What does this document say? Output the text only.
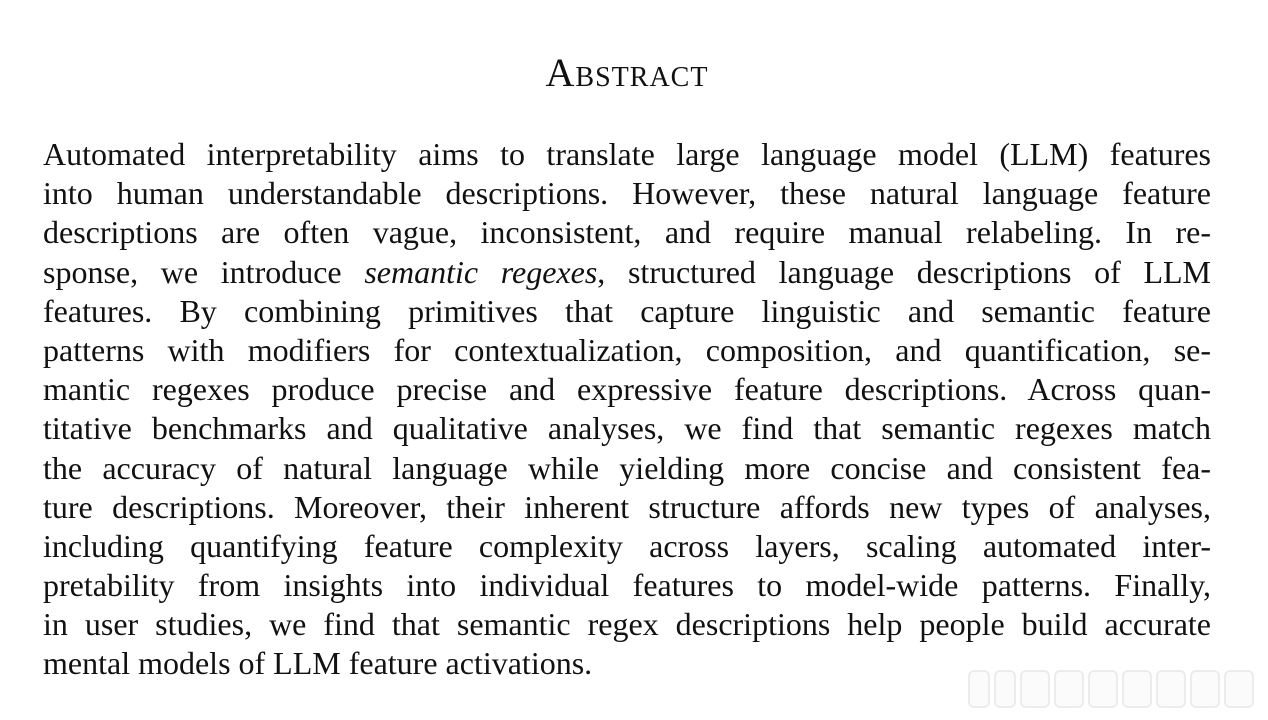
Abstract
Automated interpretability aims to translate large language model (LLM) features
into human understandable descriptions. However, these natural language feature
descriptions are often vague, inconsistent, and require manual relabeling. In re-
sponse, we introduce semantic regexes, structured language descriptions of LLM
features. By combining primitives that capture linguistic and semantic feature
patterns with modifiers for contextualization, composition, and quantification, se-
mantic regexes produce precise and expressive feature descriptions. Across quan-
titative benchmarks and qualitative analyses, we find that semantic regexes match
the accuracy of natural language while yielding more concise and consistent fea-
ture descriptions. Moreover, their inherent structure affords new types of analyses,
including quantifying feature complexity across layers, scaling automated inter-
pretability from insights into individual features to model-wide patterns. Finally,
in user studies, we find that semantic regex descriptions help people build accurate
mental models of LLM feature activations.
